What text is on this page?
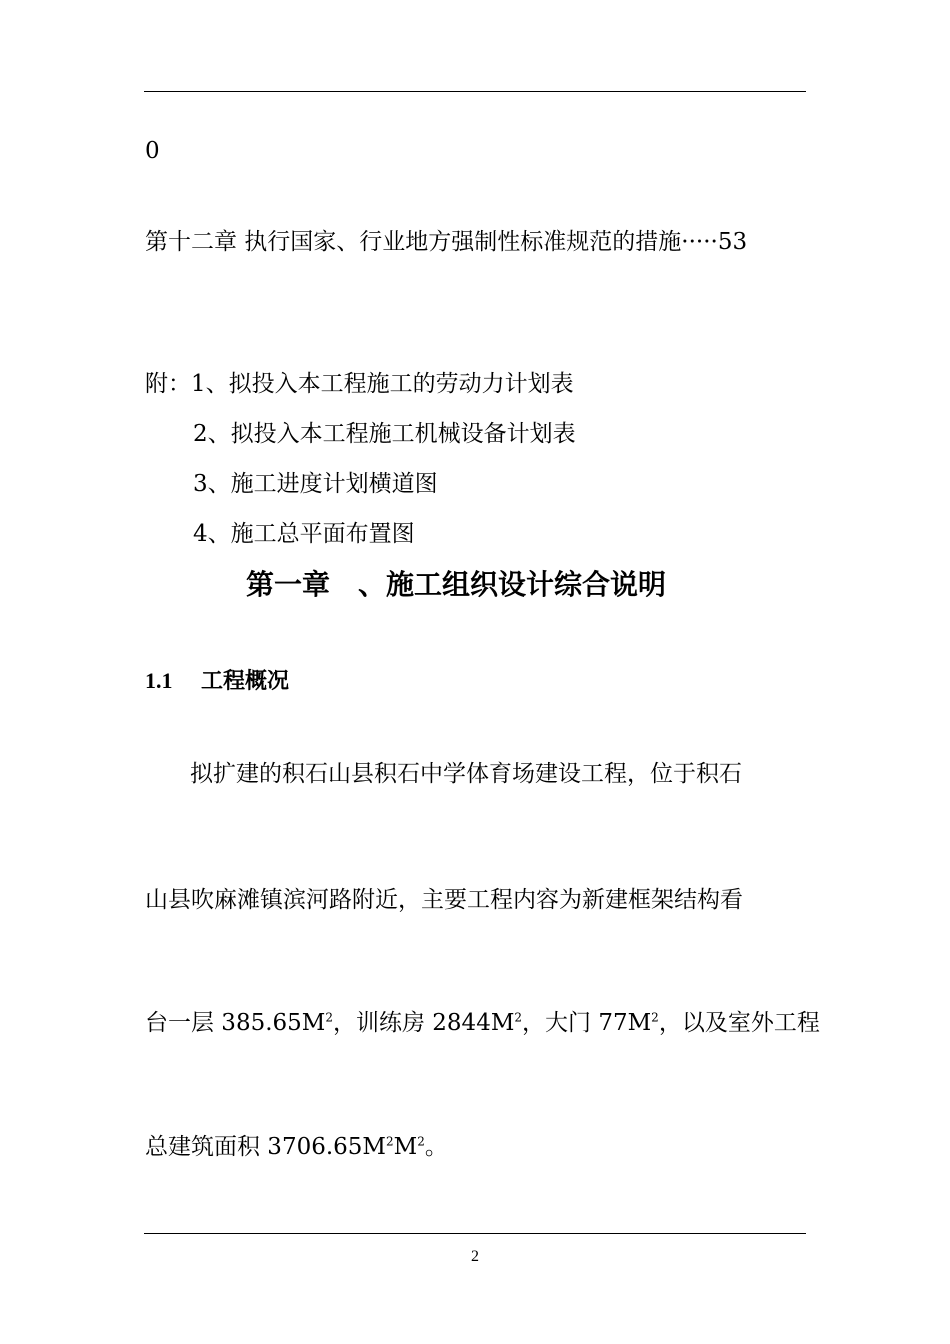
0
第十二章 执行国家、行业地方强制性标准规范的措施·····53
附：1、拟投入本工程施工的劳动力计划表
2、拟投入本工程施工机械设备计划表
3、施工进度计划横道图
4、施工总平面布置图
第一章　、施工组织设计综合说明
1.1 工程概况
拟扩建的积石山县积石中学体育场建设工程，位于积石
山县吹麻滩镇滨河路附近，主要工程内容为新建框架结构看
台一层 $385.65M^2$，训练房 $2844M^2$，大门 $77M^2$，以及室外工程
总建筑面积 $3706.65M^2M^2$。
2
